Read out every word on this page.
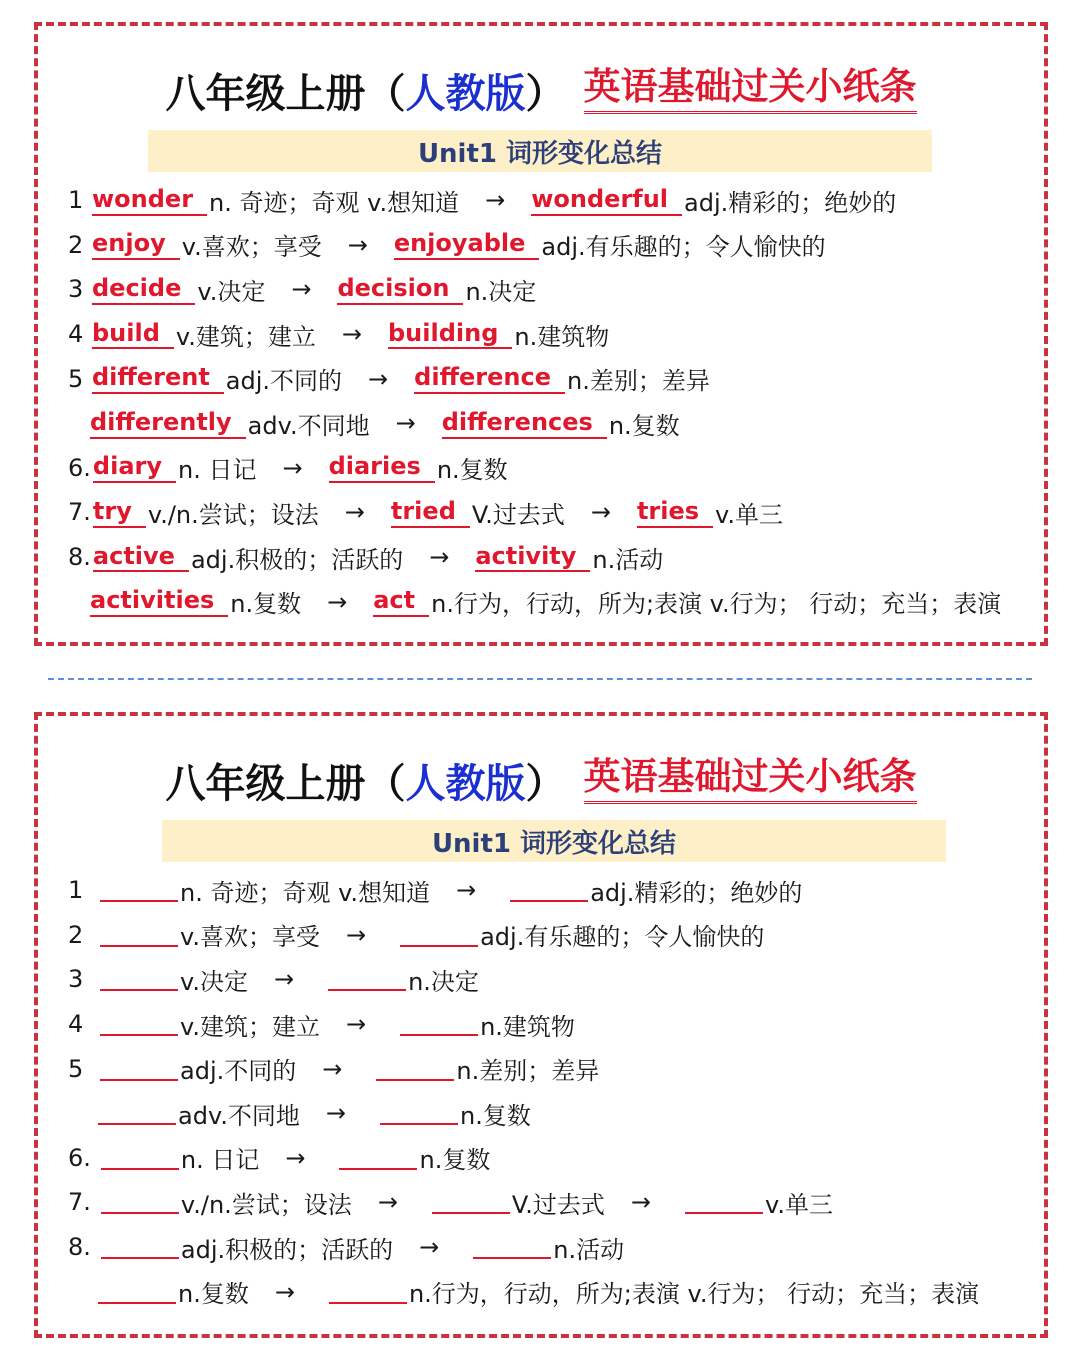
八年级上册（ 人教版 ） 英语基础过关小纸条
Unit1 词形变化总结
1 wonder n. 奇迹；奇观 v.想知道 → wonderful adj.精彩的；绝妙的
2 enjoy v.喜欢；享受 → enjoyable adj.有乐趣的；令人愉快的
3 decide v.决定 → decision n.决定
4 build v.建筑；建立 → building n.建筑物
5 different adj.不同的 → difference n.差别；差异
differently adv.不同地 → differences n.复数
6. diary n. 日记 → diaries n.复数
7. try v./n.尝试；设法 → tried V.过去式 → tries v.单三
8. active adj.积极的；活跃的 → activity n.活动
activities n.复数 → act n.行为，行动，所为;表演 v.行为； 行动；充当；表演
八年级上册（ 人教版 ） 英语基础过关小纸条
Unit1 词形变化总结
1	n. 奇迹；奇观 v.想知道 →	adj.精彩的；绝妙的
2	v.喜欢；享受 →	adj.有乐趣的；令人愉快的
3	v.决定 →	n.决定
4	v.建筑；建立 →	n.建筑物
5	adj.不同的 →	n.差别；差异
adv.不同地 →	n.复数
6.	n. 日记 →	n.复数
7.	v./n.尝试；设法 →	V.过去式 →	v.单三
8.	adj.积极的；活跃的 →	n.活动
n.复数 →	n.行为，行动，所为;表演 v.行为； 行动；充当；表演
